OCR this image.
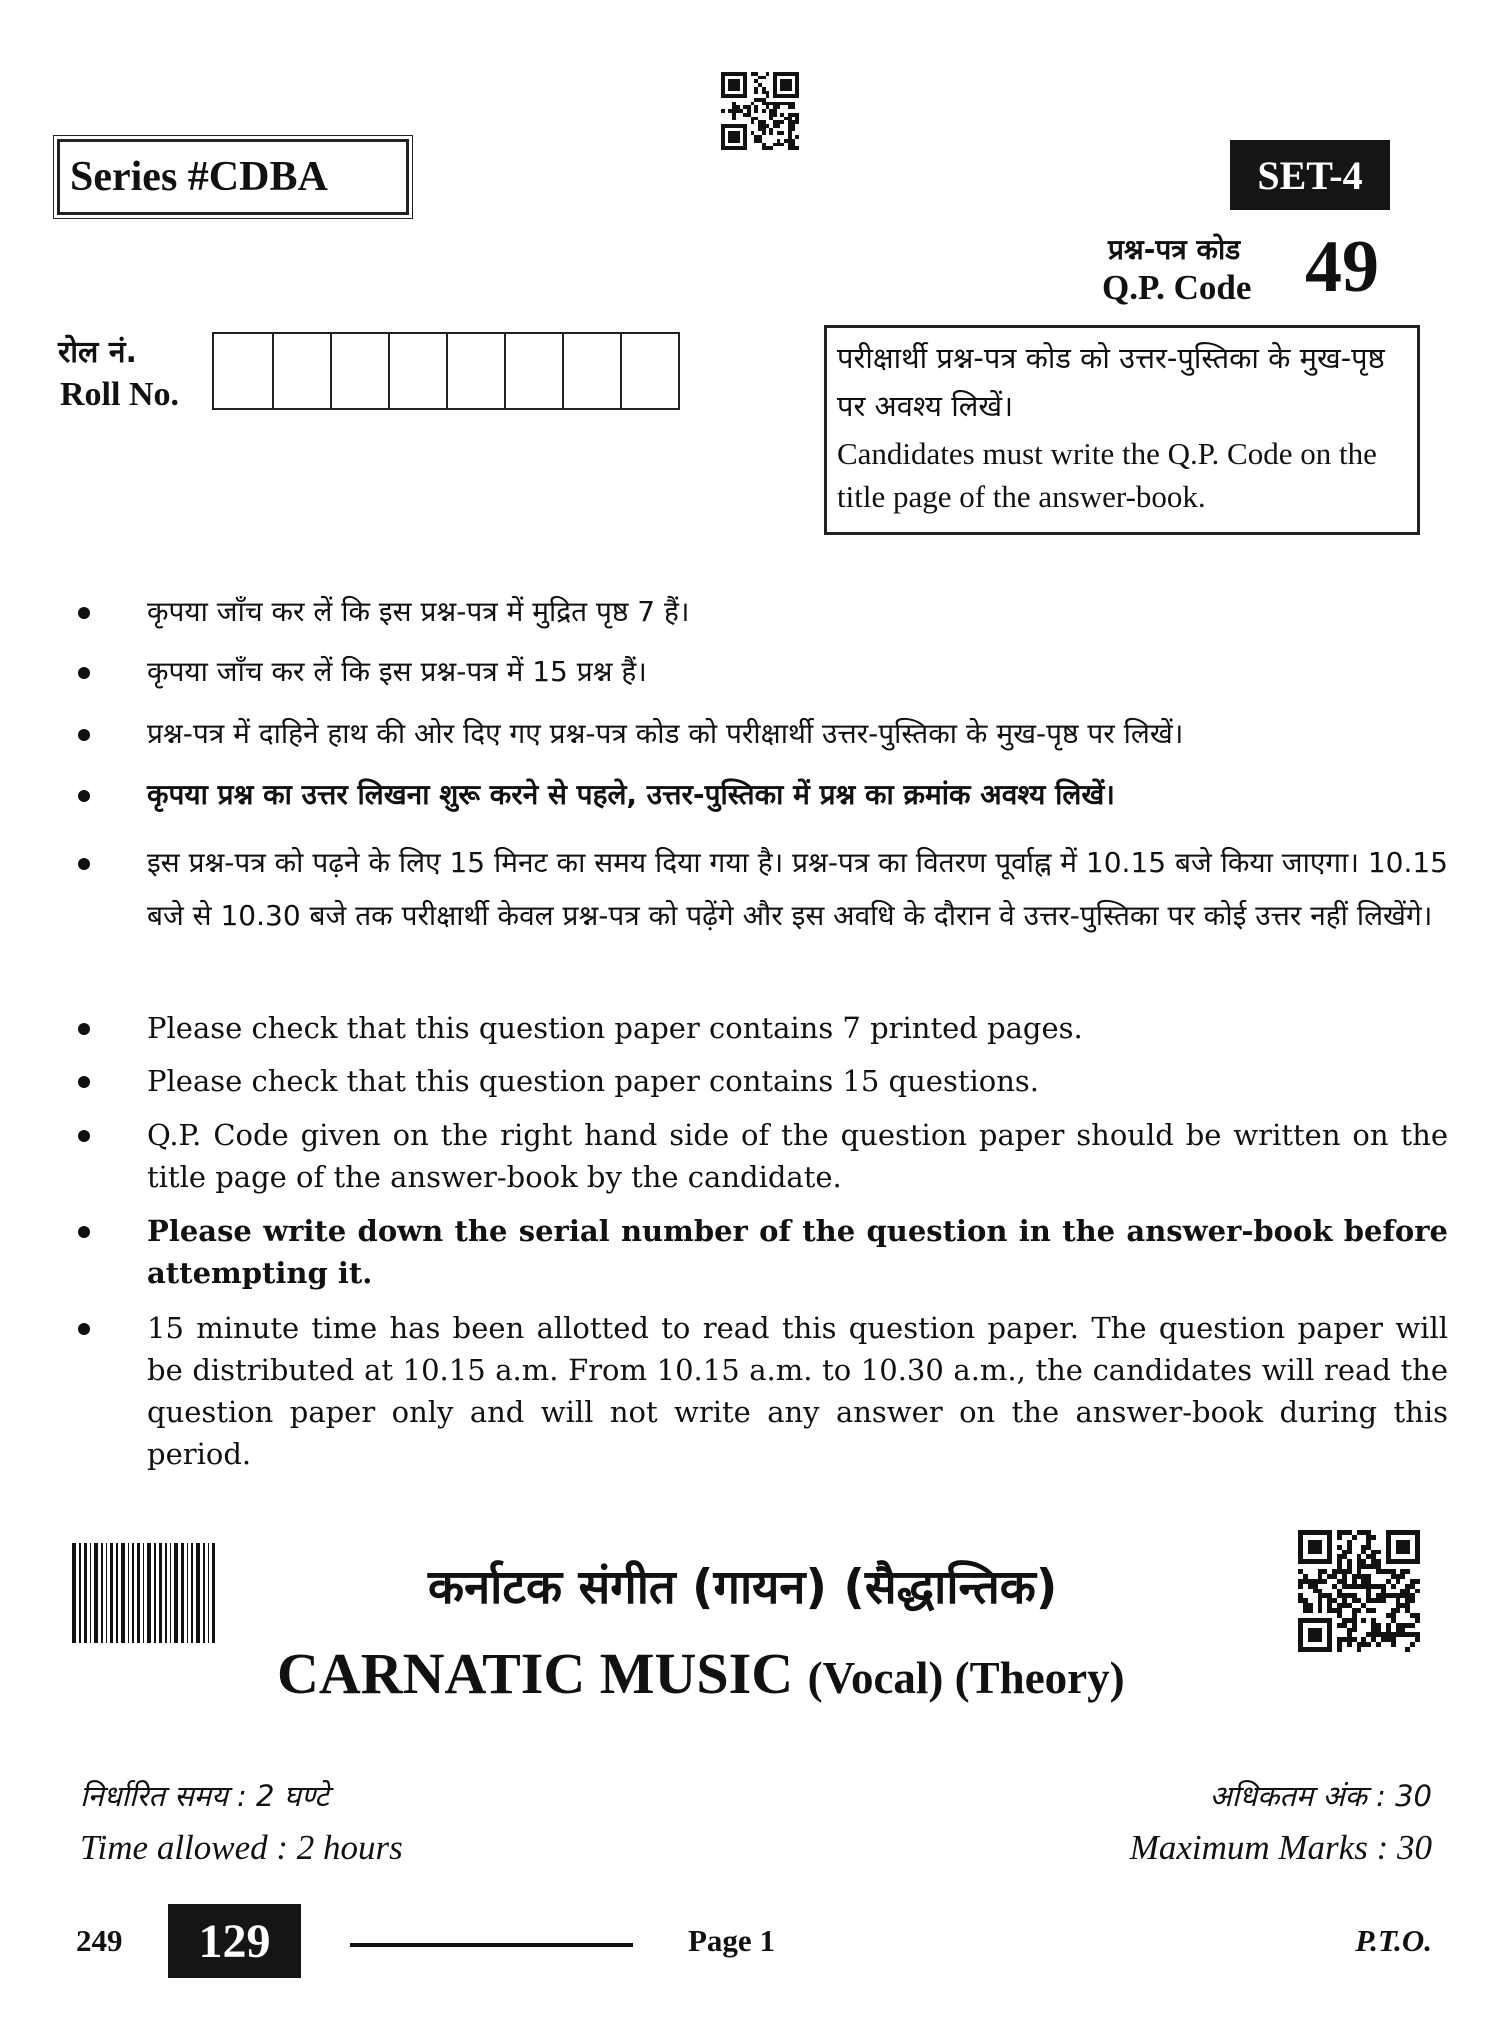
Series #CDBA	SET-4
प्रश्न-पत्र कोड
Q.P. Code 49
रोल नं.
Roll No.
परीक्षार्थी प्रश्न-पत्र कोड को उत्तर-पुस्तिका के मुख-पृष्ठ पर अवश्य लिखें।
Candidates must write the Q.P. Code on the title page of the answer-book.
कृपया जाँच कर लें कि इस प्रश्न-पत्र में मुद्रित पृष्ठ 7 हैं।
कृपया जाँच कर लें कि इस प्रश्न-पत्र में 15 प्रश्न हैं।
प्रश्न-पत्र में दाहिने हाथ की ओर दिए गए प्रश्न-पत्र कोड को परीक्षार्थी उत्तर-पुस्तिका के मुख-पृष्ठ पर लिखें।
कृपया प्रश्न का उत्तर लिखना शुरू करने से पहले, उत्तर-पुस्तिका में प्रश्न का क्रमांक अवश्य लिखें।
इस प्रश्न-पत्र को पढ़ने के लिए 15 मिनट का समय दिया गया है। प्रश्न-पत्र का वितरण पूर्वाह्न में 10.15 बजे किया जाएगा। 10.15 बजे से 10.30 बजे तक परीक्षार्थी केवल प्रश्न-पत्र को पढ़ेंगे और इस अवधि के दौरान वे उत्तर-पुस्तिका पर कोई उत्तर नहीं लिखेंगे।
Please check that this question paper contains 7 printed pages.
Please check that this question paper contains 15 questions.
Q.P. Code given on the right hand side of the question paper should be written on the title page of the answer-book by the candidate.
Please write down the serial number of the question in the answer-book before attempting it.
15 minute time has been allotted to read this question paper. The question paper will be distributed at 10.15 a.m. From 10.15 a.m. to 10.30 a.m., the candidates will read the question paper only and will not write any answer on the answer-book during this period.
कर्नाटक संगीत (गायन) (सैद्धान्तिक)
CARNATIC MUSIC (Vocal) (Theory)
निर्धारित समय : 2 घण्टे
Time allowed : 2 hours
अधिकतम अंक : 30
Maximum Marks : 30
249	129	Page 1	P.T.O.
